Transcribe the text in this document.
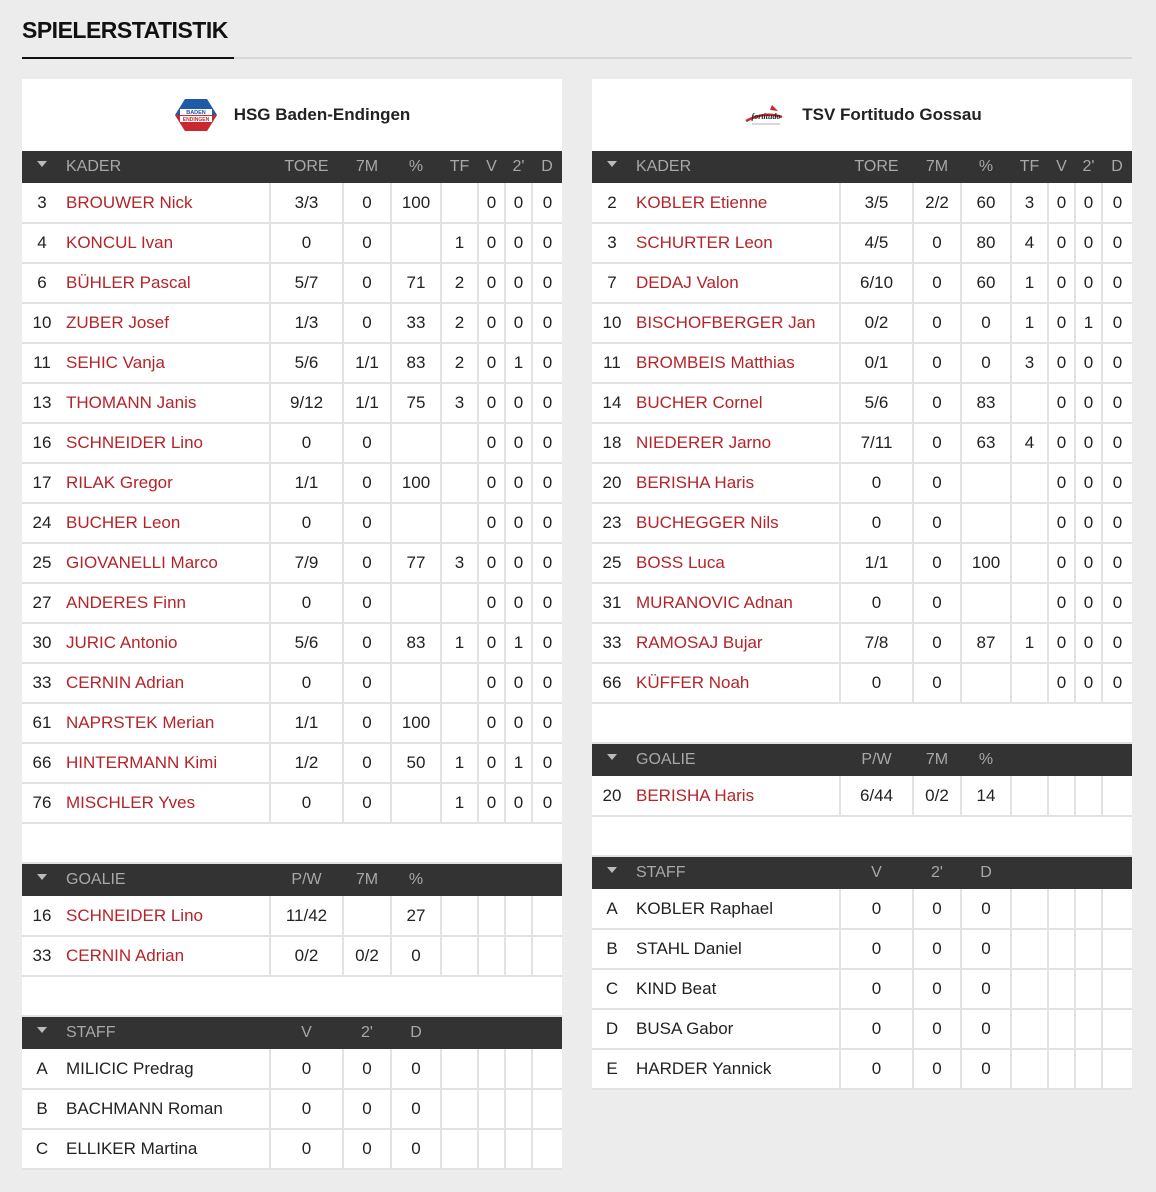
SPIELERSTATISTIK
BADEN
ENDINGEN HSG Baden-Endingen
	KADER	TORE	7M	%	TF	V	2'	D
3	BROUWER Nick	3/3	0	100		0	0	0
4	KONCUL Ivan	0	0		1	0	0	0
6	BÜHLER Pascal	5/7	0	71	2	0	0	0
10	ZUBER Josef	1/3	0	33	2	0	0	0
11	SEHIC Vanja	5/6	1/1	83	2	0	1	0
13	THOMANN Janis	9/12	1/1	75	3	0	0	0
16	SCHNEIDER Lino	0	0			0	0	0
17	RILAK Gregor	1/1	0	100		0	0	0
24	BUCHER Leon	0	0			0	0	0
25	GIOVANELLI Marco	7/9	0	77	3	0	0	0
27	ANDERES Finn	0	0			0	0	0
30	JURIC Antonio	5/6	0	83	1	0	1	0
33	CERNIN Adrian	0	0			0	0	0
61	NAPRSTEK Merian	1/1	0	100		0	0	0
66	HINTERMANN Kimi	1/2	0	50	1	0	1	0
76	MISCHLER Yves	0	0		1	0	0	0
	GOALIE	P/W	7M	%				
16	SCHNEIDER Lino	11/42		27				
33	CERNIN Adrian	0/2	0/2	0				
	STAFF	V	2'	D				
A	MILICIC Predrag	0	0	0				
B	BACHMANN Roman	0	0	0				
C	ELLIKER Martina	0	0	0				
fortitudo TSV Fortitudo Gossau
	KADER	TORE	7M	%	TF	V	2'	D
2	KOBLER Etienne	3/5	2/2	60	3	0	0	0
3	SCHURTER Leon	4/5	0	80	4	0	0	0
7	DEDAJ Valon	6/10	0	60	1	0	0	0
10	BISCHOFBERGER Jan	0/2	0	0	1	0	1	0
11	BROMBEIS Matthias	0/1	0	0	3	0	0	0
14	BUCHER Cornel	5/6	0	83		0	0	0
18	NIEDERER Jarno	7/11	0	63	4	0	0	0
20	BERISHA Haris	0	0			0	0	0
23	BUCHEGGER Nils	0	0			0	0	0
25	BOSS Luca	1/1	0	100		0	0	0
31	MURANOVIC Adnan	0	0			0	0	0
33	RAMOSAJ Bujar	7/8	0	87	1	0	0	0
66	KÜFFER Noah	0	0			0	0	0
	GOALIE	P/W	7M	%				
20	BERISHA Haris	6/44	0/2	14				
	STAFF	V	2'	D				
A	KOBLER Raphael	0	0	0				
B	STAHL Daniel	0	0	0				
C	KIND Beat	0	0	0				
D	BUSA Gabor	0	0	0				
E	HARDER Yannick	0	0	0				
